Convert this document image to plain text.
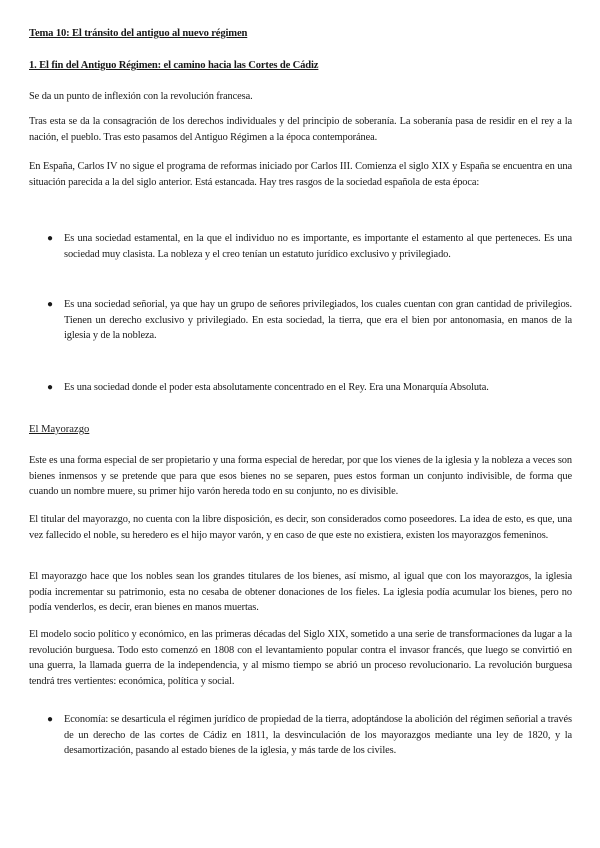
Tema 10: El tránsito del antiguo al nuevo régimen
1. El fin del Antiguo Régimen: el camino hacia las Cortes de Cádiz
Se da un punto de inflexión con la revolución francesa.
Tras esta se da la consagración de los derechos individuales y del principio de soberanía. La soberanía pasa de residir en el rey a la nación, el pueblo. Tras esto pasamos del Antiguo Régimen a la época contemporánea.
En España, Carlos IV no sigue el programa de reformas iniciado por Carlos III. Comienza el siglo XIX y España se encuentra en una situación parecida a la del siglo anterior. Está estancada. Hay tres rasgos de la sociedad española de esta época:
●	Es una sociedad estamental, en la que el individuo no es importante, es importante el estamento al que perteneces. Es una sociedad muy clasista. La nobleza y el creo tenían un estatuto jurídico exclusivo y privilegiado.
●	Es una sociedad señorial, ya que hay un grupo de señores privilegiados, los cuales cuentan con gran cantidad de privilegios. Tienen un derecho exclusivo y privilegiado. En esta sociedad, la tierra, que era el bien por antonomasia, en manos de la iglesia y de la nobleza.
●	Es una sociedad donde el poder esta absolutamente concentrado en el Rey. Era una Monarquía Absoluta.
El Mayorazgo
Este es una forma especial de ser propietario y una forma especial de heredar, por que los vienes de la iglesia y la nobleza a veces son bienes inmensos y se pretende que para que esos bienes no se separen, pues estos forman un conjunto indivisible, de forma que cuando un nombre muere, su primer hijo varón hereda todo en su conjunto, no es divisible.
El titular del mayorazgo, no cuenta con la libre disposición, es decir, son considerados como poseedores. La idea de esto, es que, una vez fallecido el noble, su heredero es el hijo mayor varón, y en caso de que este no existiera, existen los mayorazgos femeninos.
El mayorazgo hace que los nobles sean los grandes titulares de los bienes, así mismo, al igual que con los mayorazgos, la iglesia podía incrementar su patrimonio, esta no cesaba de obtener donaciones de los fieles. La iglesia podía acumular los bienes, pero no podía venderlos, es decir, eran bienes en manos muertas.
El modelo socio político y económico, en las primeras décadas del Siglo XIX, sometido a una serie de transformaciones da lugar a la revolución burguesa. Todo esto comenzó en 1808 con el levantamiento popular contra el invasor francés, que luego se convirtió en una guerra, la llamada guerra de la independencia, y al mismo tiempo se abrió un proceso revolucionario. La revolución burguesa tendrá tres vertientes: económica, política y social.
●	Economía: se desarticula el régimen jurídico de propiedad de la tierra, adoptándose la abolición del régimen señorial a través de un derecho de las cortes de Cádiz en 1811, la desvinculación de los mayorazgos mediante una ley de 1820, y la desamortización, pasando al estado bienes de la iglesia, y más tarde de los civiles.
